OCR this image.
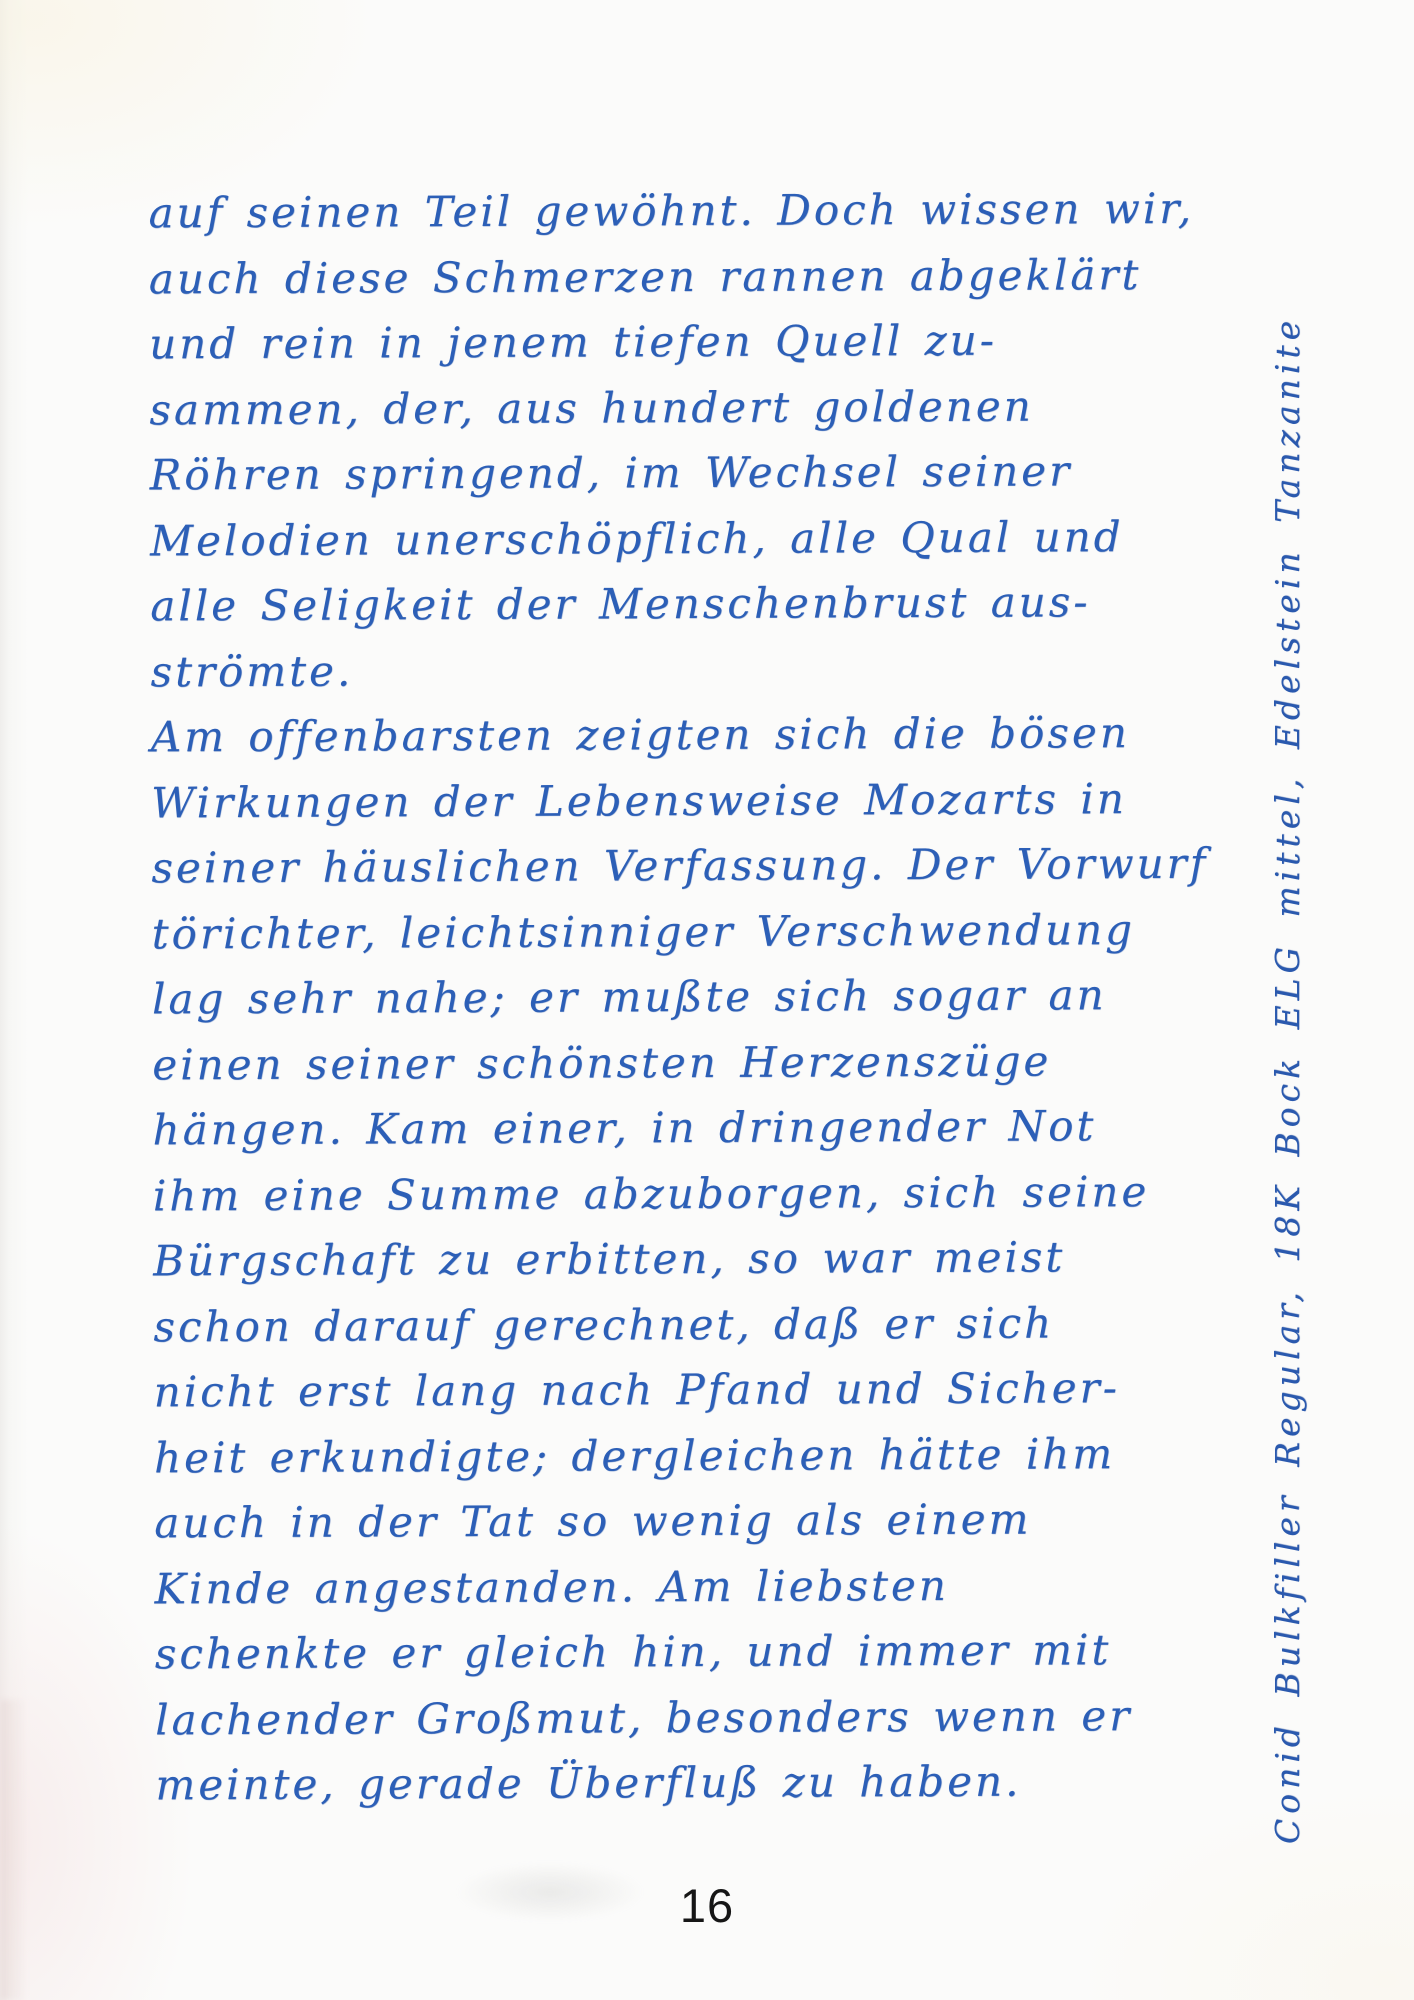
auf seinen Teil gewöhnt. Doch wissen wir,
auch diese Schmerzen rannen abgeklärt
und rein in jenem tiefen Quell zu-
sammen, der, aus hundert goldenen
Röhren springend, im Wechsel seiner
Melodien unerschöpflich, alle Qual und
alle Seligkeit der Menschenbrust aus-
strömte.
Am offenbarsten zeigten sich die bösen
Wirkungen der Lebensweise Mozarts in
seiner häuslichen Verfassung. Der Vorwurf
törichter, leichtsinniger Verschwendung
lag sehr nahe; er mußte sich sogar an
einen seiner schönsten Herzenszüge
hängen. Kam einer, in dringender Not
ihm eine Summe abzuborgen, sich seine
Bürgschaft zu erbitten, so war meist
schon darauf gerechnet, daß er sich
nicht erst lang nach Pfand und Sicher-
heit erkundigte; dergleichen hätte ihm
auch in der Tat so wenig als einem
Kinde angestanden. Am liebsten
schenkte er gleich hin, und immer mit
lachender Großmut, besonders wenn er
meinte, gerade Überfluß zu haben.	Conid Bulkfiller Regular, 18K Bock ELG mittel, Edelstein Tanzanite
16
